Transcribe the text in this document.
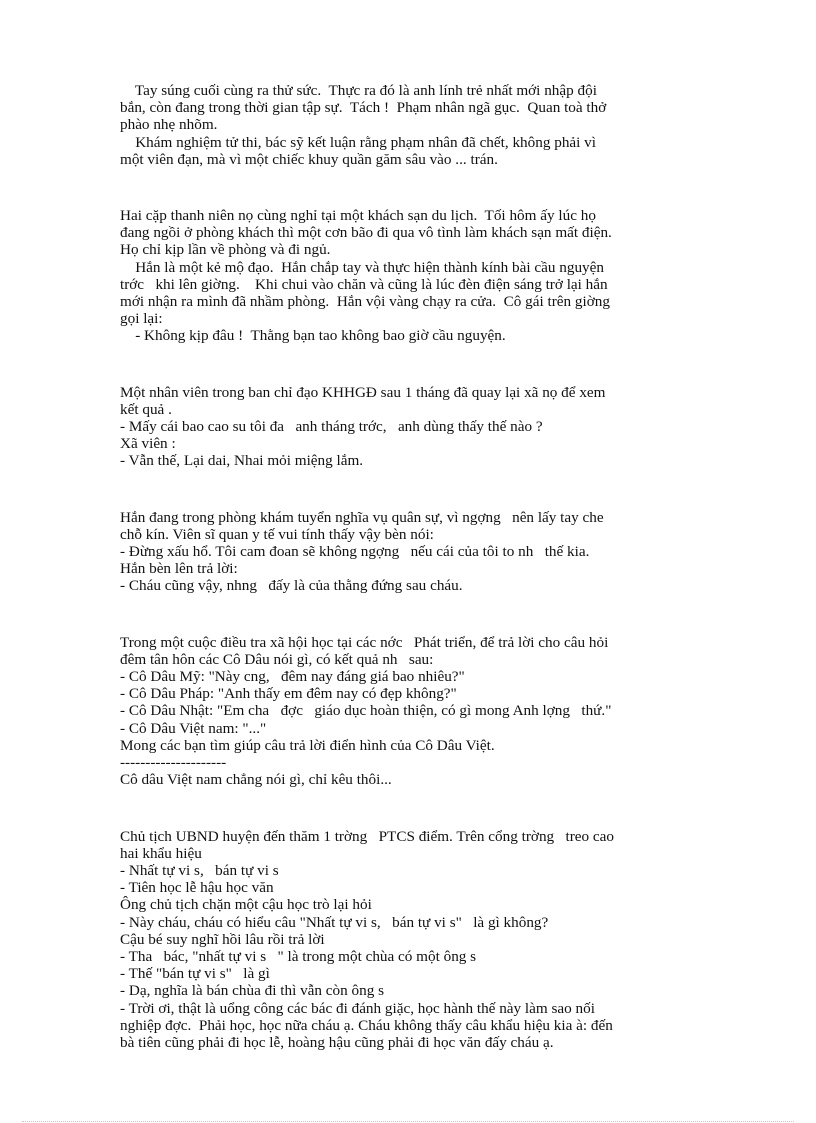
Tay súng cuối cùng ra thử sức.  Thực ra đó là anh lính trẻ nhất mới nhập đội
bắn, còn đang trong thời gian tập sự.  Tách !  Phạm nhân ngã gục.  Quan toà thở
phào nhẹ nhõm.
Khám nghiệm tử thi, bác sỹ kết luận rằng phạm nhân đã chết, không phải vì
một viên đạn, mà vì một chiếc khuy quần găm sâu vào ... trán.
Hai cặp thanh niên nọ cùng nghỉ tại một khách sạn du lịch.  Tối hôm ấy lúc họ
đang ngồi ở phòng khách thì một cơn bão đi qua vô tình làm khách sạn mất điện.
Họ chỉ kịp lần về phòng và đi ngủ.
Hắn là một kẻ mộ đạo.  Hắn chắp tay và thực hiện thành kính bài cầu nguyện
trớc   khi lên giờng.    Khi chui vào chăn và cũng là lúc đèn điện sáng trở lại hắn
mới nhận ra mình đã nhầm phòng.  Hắn vội vàng chạy ra cửa.  Cô gái trên giờng
gọi lại:
- Không kịp đâu !  Thằng bạn tao không bao giờ cầu nguyện.
Một nhân viên trong ban chỉ đạo KHHGĐ sau 1 tháng đã quay lại xã nọ để xem
kết quả .
- Mấy cái bao cao su tôi đa   anh tháng trớc,   anh dùng thấy thế nào ?
Xã viên :
- Vẫn thế, Lại dai, Nhai mỏi miệng lắm.
Hắn đang trong phòng khám tuyển nghĩa vụ quân sự, vì ngợng   nên lấy tay che
chỗ kín. Viên sĩ quan y tế vui tính thấy vậy bèn nói:
- Đừng xấu hổ. Tôi cam đoan sẽ không ngợng   nếu cái của tôi to nh   thế kia.
Hắn bèn lên trả lời:
- Cháu cũng vậy, nhng   đấy là của thằng đứng sau cháu.
Trong một cuộc điều tra xã hội học tại các nớc   Phát triển, để trả lời cho câu hỏi
đêm tân hôn các Cô Dâu nói gì, có kết quả nh   sau:
- Cô Dâu Mỹ: "Này cng,   đêm nay đáng giá bao nhiêu?"
- Cô Dâu Pháp: "Anh thấy em đêm nay có đẹp không?"
- Cô Dâu Nhật: "Em cha   đợc   giáo dục hoàn thiện, có gì mong Anh lợng   thứ."
- Cô Dâu Việt nam: "..."
Mong các bạn tìm giúp câu trả lời điển hình của Cô Dâu Việt.
---------------------
Cô dâu Việt nam chẳng nói gì, chỉ kêu thôi...
Chủ tịch UBND huyện đến thăm 1 trờng   PTCS điểm. Trên cổng trờng   treo cao
hai khẩu hiệu
- Nhất tự vi s,   bán tự vi s
- Tiên học lễ hậu học văn
Ông chủ tịch chặn một cậu học trò lại hỏi
- Này cháu, cháu có hiểu câu "Nhất tự vi s,   bán tự vi s"   là gì không?
Cậu bé suy nghĩ hồi lâu rồi trả lời
- Tha   bác, "nhất tự vi s   " là trong một chùa có một ông s
- Thế "bán tự vi s"   là gì
- Dạ, nghĩa là bán chùa đi thì vẫn còn ông s
- Trời ơi, thật là uổng công các bác đi đánh giặc, học hành thế này làm sao nối
nghiệp đợc.  Phải học, học nữa cháu ạ. Cháu không thấy câu khẩu hiệu kia à: đến
bà tiên cũng phải đi học lễ, hoàng hậu cũng phải đi học văn đấy cháu ạ.
